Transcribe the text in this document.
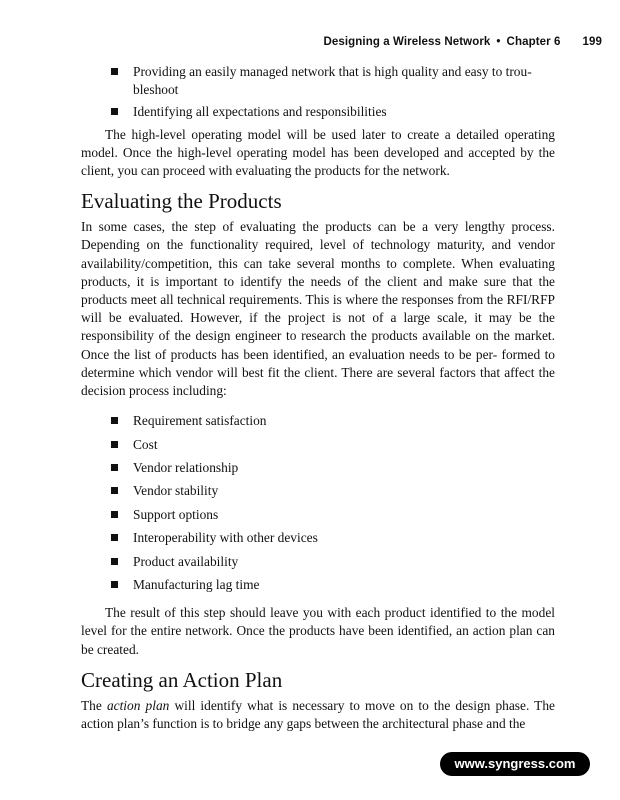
Designing a Wireless Network • Chapter 6 199
Providing an easily managed network that is high quality and easy to trou- bleshoot
Identifying all expectations and responsibilities

The high-level operating model will be used later to create a detailed operating model. Once the high-level operating model has been developed and accepted by the client, you can proceed with evaluating the products for the network.

Evaluating the Products

In some cases, the step of evaluating the products can be a very lengthy process. Depending on the functionality required, level of technology maturity, and vendor availability/competition, this can take several months to complete. When evaluating products, it is important to identify the needs of the client and make sure that the products meet all technical requirements. This is where the responses from the RFI/RFP will be evaluated. However, if the project is not of a large scale, it may be the responsibility of the design engineer to research the products available on the market. Once the list of products has been identified, an evaluation needs to be per- formed to determine which vendor will best fit the client. There are several factors that affect the decision process including:

Requirement satisfaction
Cost
Vendor relationship
Vendor stability
Support options
Interoperability with other devices
Product availability
Manufacturing lag time

The result of this step should leave you with each product identified to the model level for the entire network. Once the products have been identified, an action plan can be created.

Creating an Action Plan

The action plan will identify what is necessary to move on to the design phase. The action plan’s function is to bridge any gaps between the architectural phase and the

www.syngress.com
